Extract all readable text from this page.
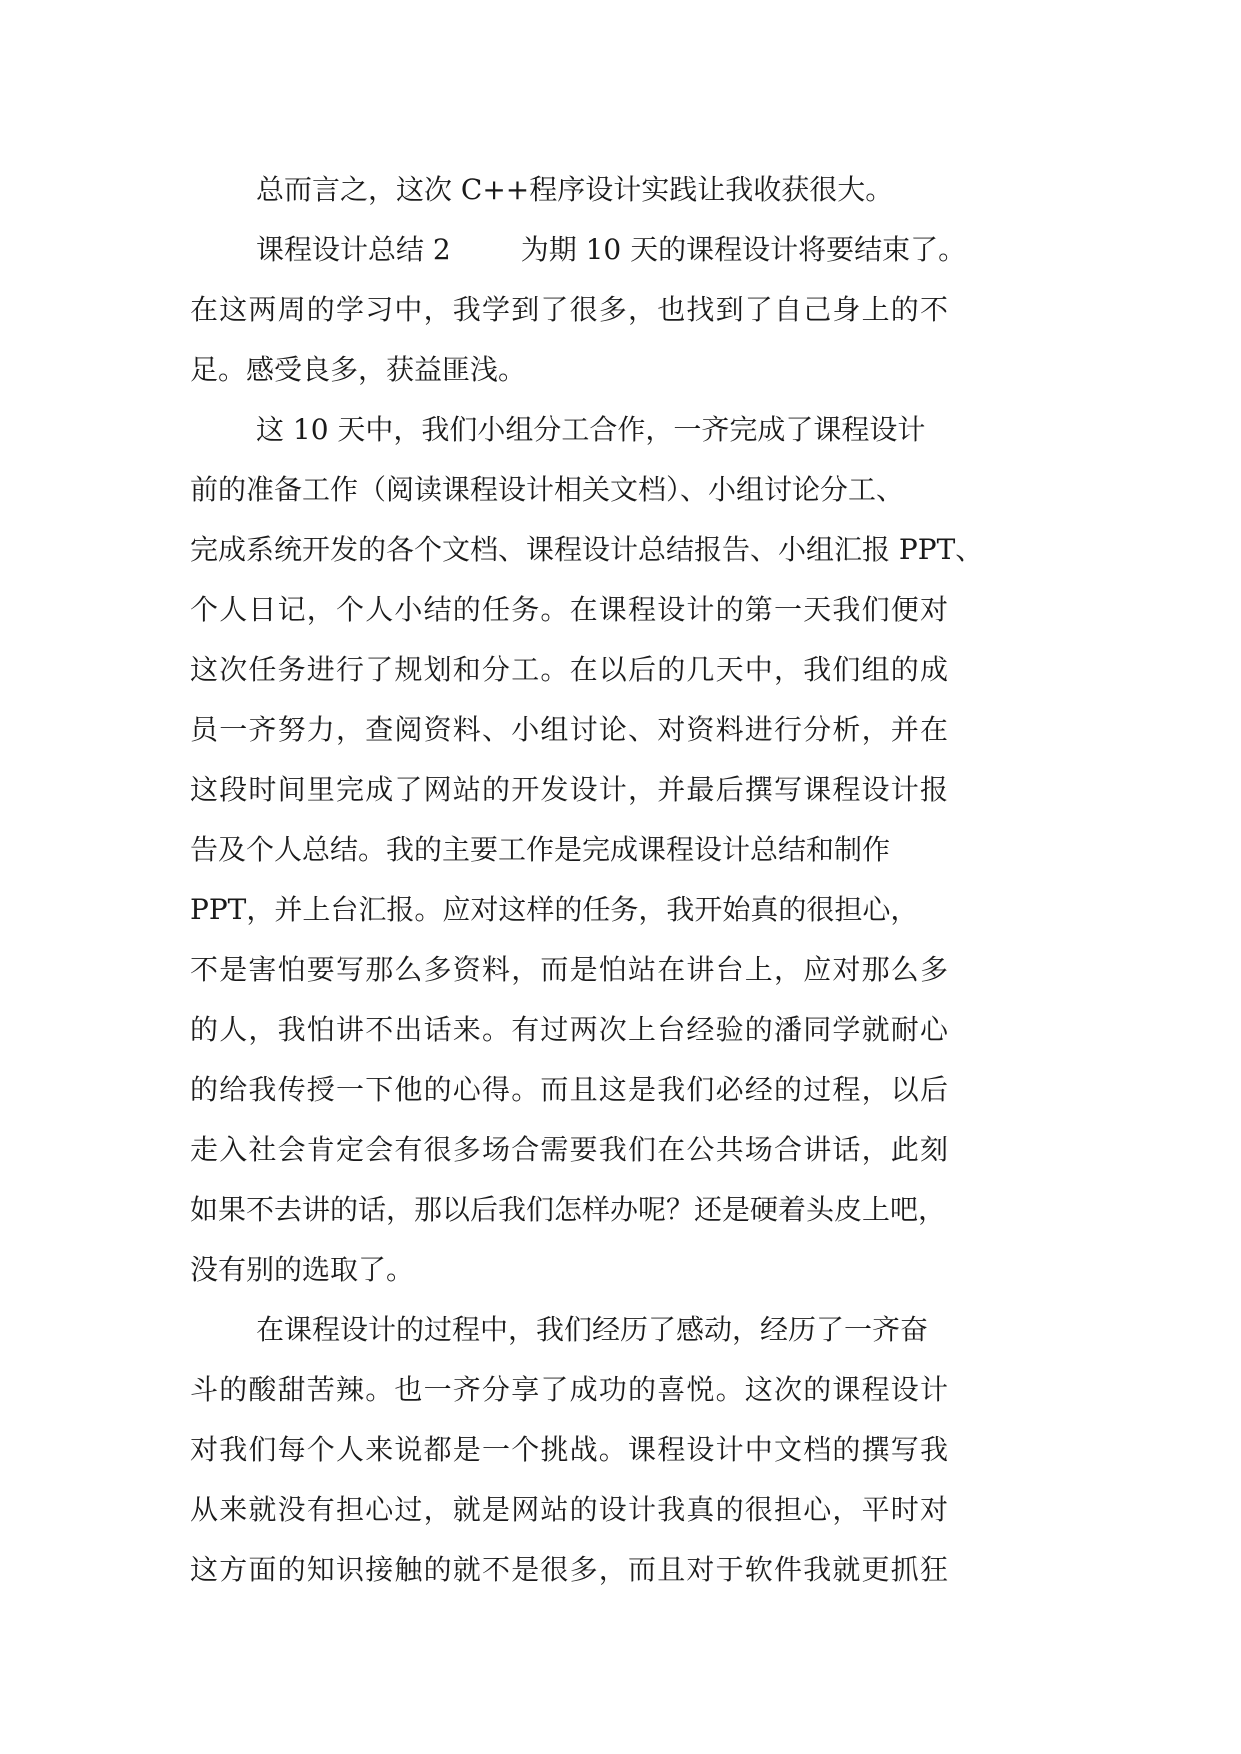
总而言之，这次 C++程序设计实践让我收获很大。
课程设计总结 2	为期 10 天的课程设计将要结束了。
在这两周的学习中，我学到了很多，也找到了自己身上的不
足。感受良多，获益匪浅。
这 10 天中，我们小组分工合作，一齐完成了课程设计
前的准备工作（阅读课程设计相关文档）、小组讨论分工、
完成系统开发的各个文档、课程设计总结报告、小组汇报 PPT、
个人日记，个人小结的任务。在课程设计的第一天我们便对
这次任务进行了规划和分工。在以后的几天中，我们组的成
员一齐努力，查阅资料、小组讨论、对资料进行分析，并在
这段时间里完成了网站的开发设计，并最后撰写课程设计报
告及个人总结。我的主要工作是完成课程设计总结和制作
PPT，并上台汇报。应对这样的任务，我开始真的很担心，
不是害怕要写那么多资料，而是怕站在讲台上，应对那么多
的人，我怕讲不出话来。有过两次上台经验的潘同学就耐心
的给我传授一下他的心得。而且这是我们必经的过程，以后
走入社会肯定会有很多场合需要我们在公共场合讲话，此刻
如果不去讲的话，那以后我们怎样办呢？还是硬着头皮上吧，
没有别的选取了。
在课程设计的过程中，我们经历了感动，经历了一齐奋
斗的酸甜苦辣。也一齐分享了成功的喜悦。这次的课程设计
对我们每个人来说都是一个挑战。课程设计中文档的撰写我
从来就没有担心过，就是网站的设计我真的很担心，平时对
这方面的知识接触的就不是很多，而且对于软件我就更抓狂
